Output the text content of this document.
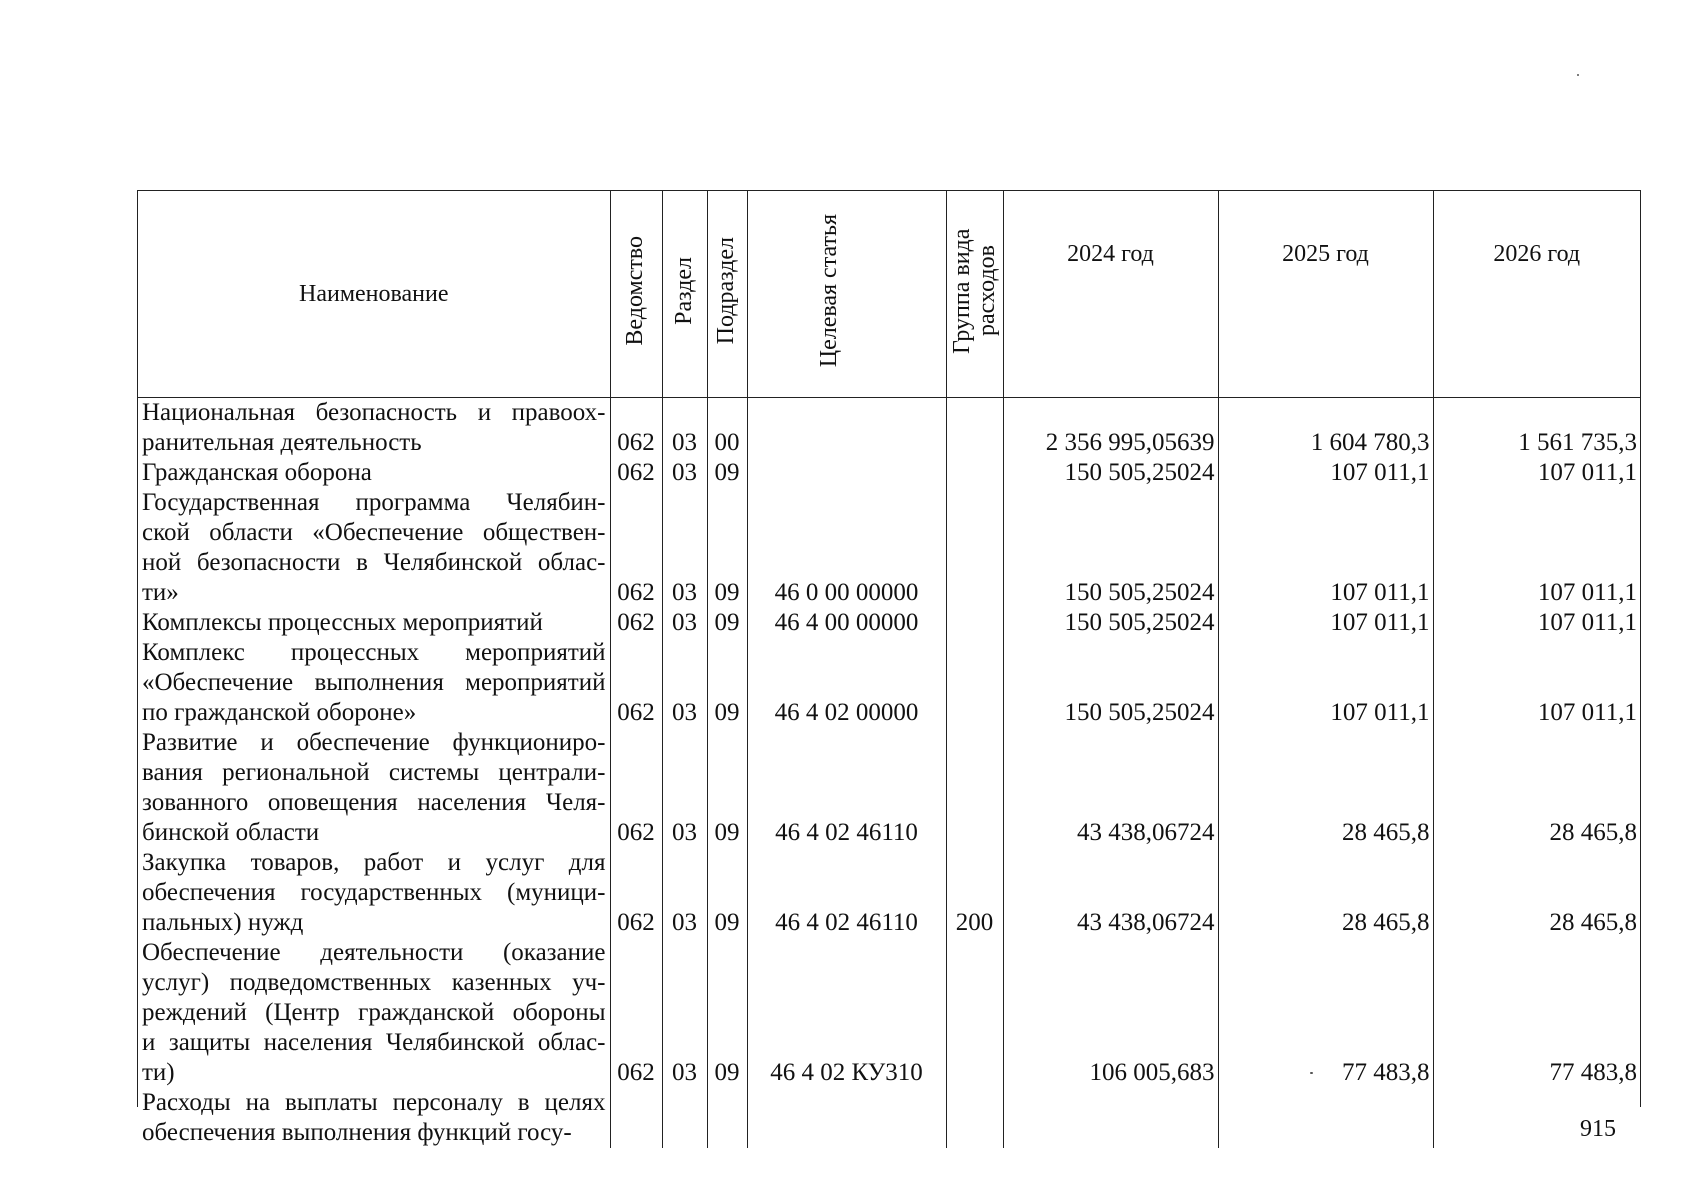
Наименование	Ведомство	Раздел	Подраздел	Целевая статья	Группа вида расходов	2024 год	2025 год	2026 год

Национальная безопасность и правоох-
ранительная деятельность	062	03	00			2 356 995,05639	1 604 780,3	1 561 735,3

Гражданская оборона	062	03	09			150 505,25024	107 011,1	107 011,1

Государственная программа Челябин-
ской области «Обеспечение обществен-
ной безопасности в Челябинской облас-
ти»	062	03	09	46 0 00 00000		150 505,25024	107 011,1	107 011,1

Комплексы процессных мероприятий	062	03	09	46 4 00 00000		150 505,25024	107 011,1	107 011,1

Комплекс процессных мероприятий
«Обеспечение выполнения мероприятий
по гражданской обороне»	062	03	09	46 4 02 00000		150 505,25024	107 011,1	107 011,1

Развитие и обеспечение функциониро-
вания региональной системы централи-
зованного оповещения населения Челя-
бинской области	062	03	09	46 4 02 46110		43 438,06724	28 465,8	28 465,8

Закупка товаров, работ и услуг для
обеспечения государственных (муници-
пальных) нужд	062	03	09	46 4 02 46110	200	43 438,06724	28 465,8	28 465,8

Обеспечение деятельности (оказание
услуг) подведомственных казенных уч-
реждений (Центр гражданской обороны
и защиты населения Челябинской облас-
ти)	062	03	09	46 4 02 КУ310		106 005,683	77 483,8	77 483,8

Расходы на выплаты персоналу в целях
обеспечения выполнения функций госу-								
									915
